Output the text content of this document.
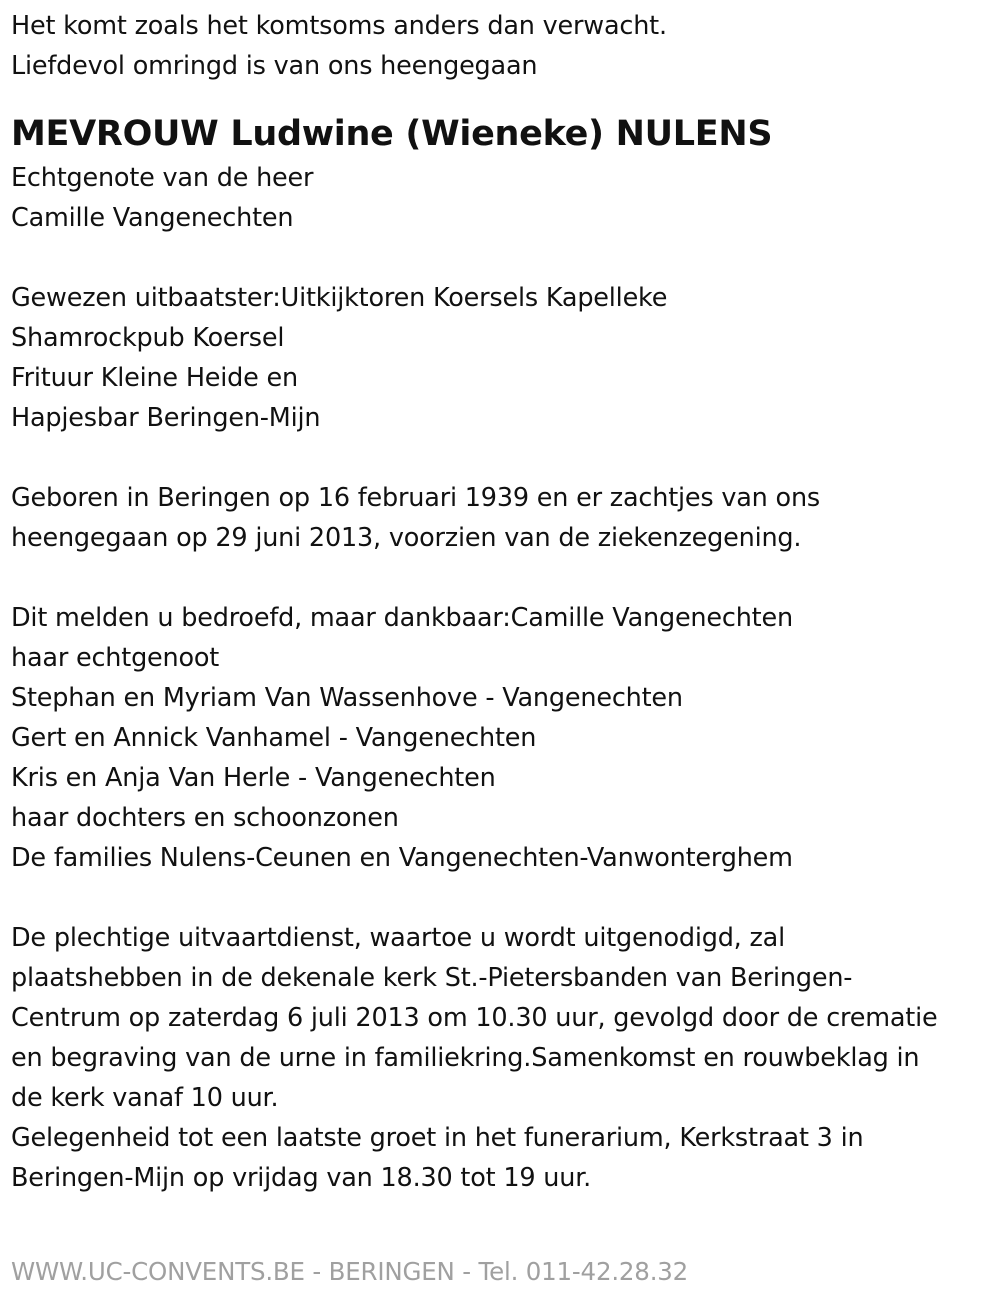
Het komt zoals het komtsoms anders dan verwacht.
Liefdevol omringd is van ons heengegaan
MEVROUW Ludwine (Wieneke) NULENS
Echtgenote van de heer
Camille Vangenechten
Gewezen uitbaatster:Uitkijktoren Koersels Kapelleke
Shamrockpub Koersel
Frituur Kleine Heide en
Hapjesbar Beringen-Mijn
Geboren in Beringen op 16 februari 1939 en er zachtjes van ons
heengegaan op 29 juni 2013, voorzien van de ziekenzegening.
Dit melden u bedroefd, maar dankbaar:Camille Vangenechten
haar echtgenoot
Stephan en Myriam Van Wassenhove - Vangenechten
Gert en Annick Vanhamel - Vangenechten
Kris en Anja Van Herle - Vangenechten
haar dochters en schoonzonen
De families Nulens-Ceunen en Vangenechten-Vanwonterghem
De plechtige uitvaartdienst, waartoe u wordt uitgenodigd, zal
plaatshebben in de dekenale kerk St.-Pietersbanden van Beringen-
Centrum op zaterdag 6 juli 2013 om 10.30 uur, gevolgd door de crematie
en begraving van de urne in familiekring.Samenkomst en rouwbeklag in
de kerk vanaf 10 uur.
Gelegenheid tot een laatste groet in het funerarium, Kerkstraat 3 in
Beringen-Mijn op vrijdag van 18.30 tot 19 uur.
WWW.UC-CONVENTS.BE - BERINGEN - Tel. 011-42.28.32
